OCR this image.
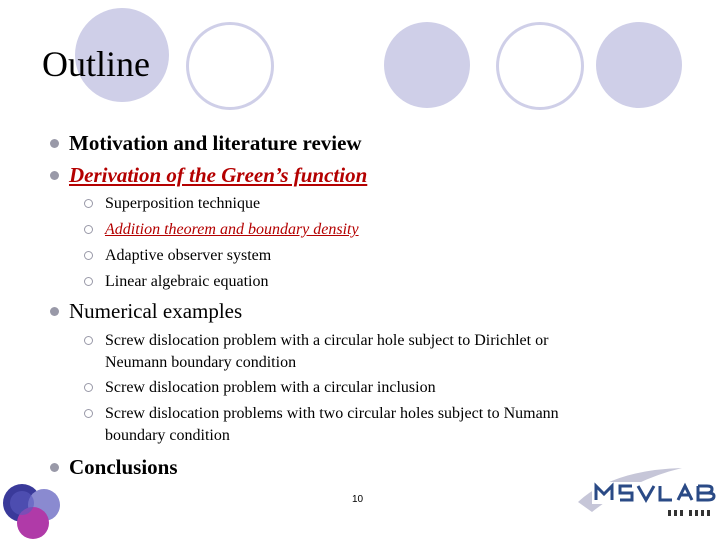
Outline
Motivation and literature review
Derivation of the Green’s function
Superposition technique
Addition theorem and boundary density
Adaptive observer system
Linear algebraic equation
Numerical examples
Screw dislocation problem with a circular hole subject to Dirichlet or
Neumann boundary condition
Screw dislocation problem with a circular inclusion
Screw dislocation problems with two circular holes subject to Numann
boundary condition
Conclusions
10
